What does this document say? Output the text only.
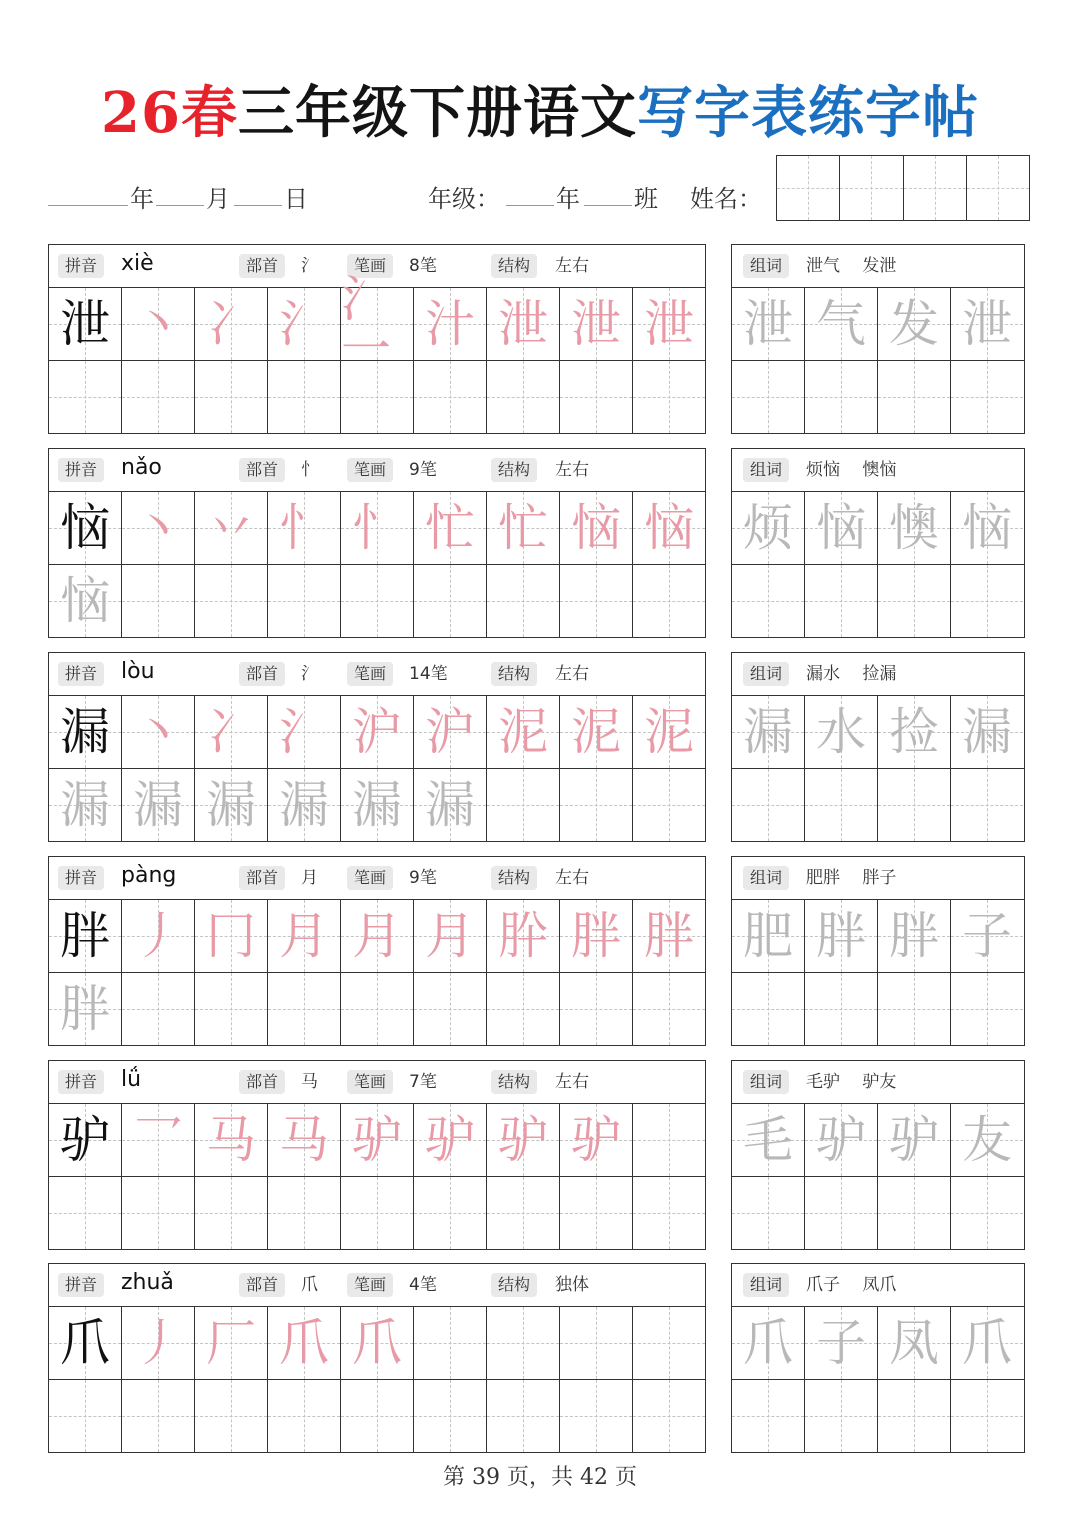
26春三年级下册语文写字表练字帖
年 月 日	年级： 年 班 姓名：
拼音	xiè	部首	氵	笔画	8笔	结构	左右
泄 丶 冫 氵 氵一 汁 泄 泄 泄
组词	泄气　 发泄
泄 气 发 泄
拼音	nǎo	部首	忄	笔画	9笔	结构	左右
恼 丶 丷 忄 忄 忙 忙 恼 恼
恼
组词	烦恼　 懊恼
烦 恼 懊 恼
拼音	lòu	部首	氵	笔画	14笔	结构	左右
漏 丶 冫 氵 沪 沪 泥 泥 泥
漏 漏 漏 漏 漏 漏
组词	漏水　 捡漏
漏 水 捡 漏
拼音	pàng	部首	月	笔画	9笔	结构	左右
胖 丿 冂 月 月 月 肸 胖 胖
胖
组词	肥胖　 胖子
肥 胖 胖 子
拼音	lǘ	部首	马	笔画	7笔	结构	左右
驴 乛 马 马 驴 驴 驴 驴
组词	毛驴　 驴友
毛 驴 驴 友
拼音	zhuǎ	部首	爪	笔画	4笔	结构	独体
爪 丿 厂 爪 爪
组词	爪子　 凤爪
爪 子 凤 爪
第 39 页，共 42 页
